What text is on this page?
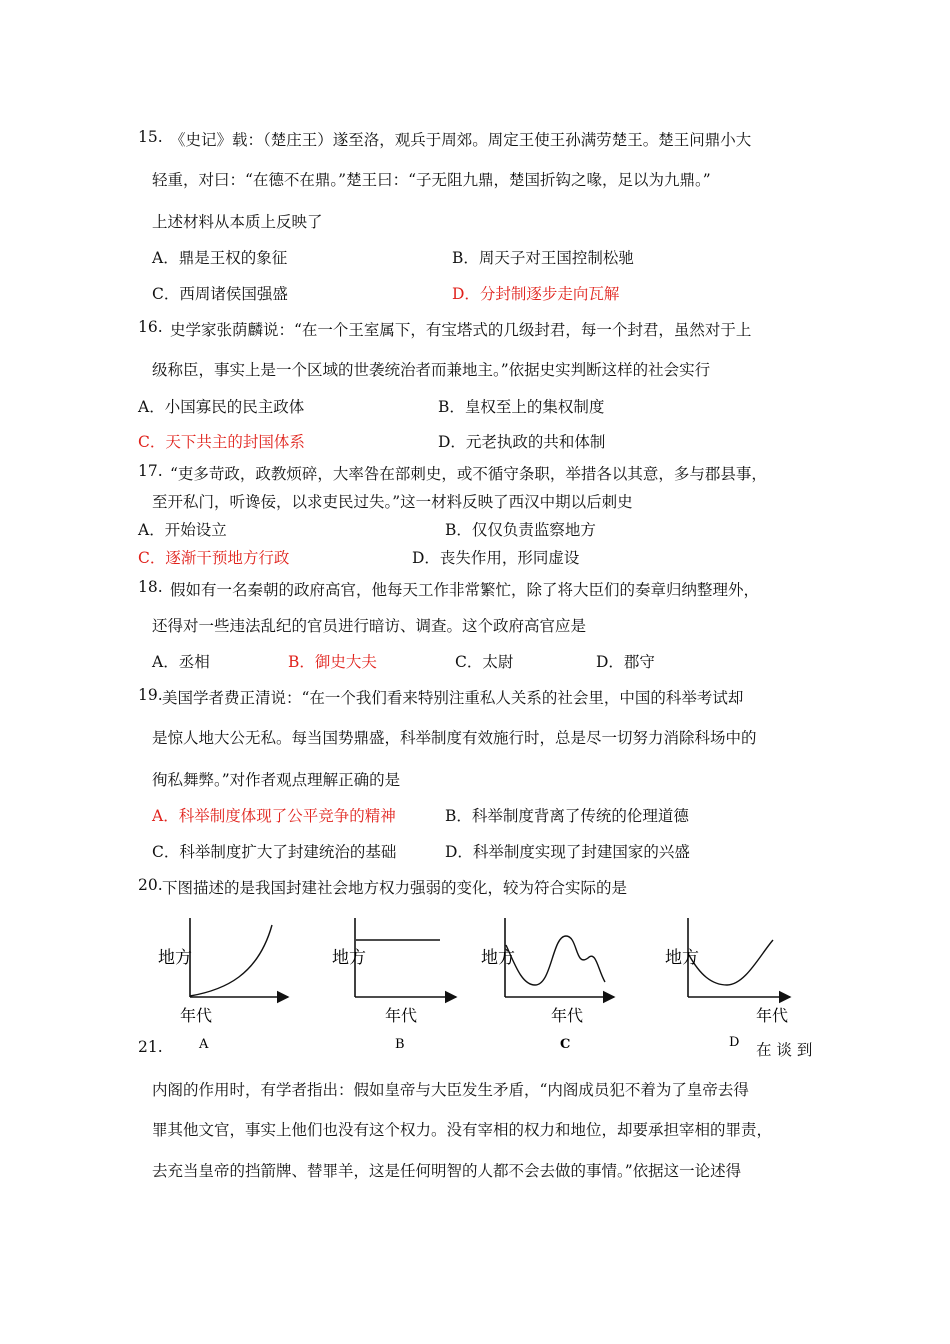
15. 《史记》载：（楚庄王）遂至洛，观兵于周郊。周定王使王孙满劳楚王。楚王问鼎小大
轻重，对曰：“在德不在鼎。”楚王曰：“子无阻九鼎，楚国折钩之喙，足以为九鼎。”
上述材料从本质上反映了
A．鼎是王权的象征	B．周天子对王国控制松驰
C．西周诸侯国强盛	D．分封制逐步走向瓦解
16. 史学家张荫麟说：“在一个王室属下，有宝塔式的几级封君，每一个封君，虽然对于上
级称臣，事实上是一个区域的世袭统治者而兼地主。”依据史实判断这样的社会实行
A．小国寡民的民主政体	B．皇权至上的集权制度
C．天下共主的封国体系	D．元老执政的共和体制
17. “吏多苛政，政教烦碎，大率咎在部刺史，或不循守条职，举措各以其意，多与郡县事，
至开私门，听谗佞，以求吏民过失。”这一材料反映了西汉中期以后刺史
A．开始设立	B．仅仅负责监察地方
C．逐渐干预地方行政	D．丧失作用，形同虚设
18. 假如有一名秦朝的政府高官，他每天工作非常繁忙，除了将大臣们的奏章归纳整理外，
还得对一些违法乱纪的官员进行暗访、调查。这个政府高官应是
A．丞相	B．御史大夫	C．太尉	D．郡守
19. 美国学者费正清说：“在一个我们看来特别注重私人关系的社会里，中国的科举考试却
是惊人地大公无私。每当国势鼎盛，科举制度有效施行时，总是尽一切努力消除科场中的
徇私舞弊。”对作者观点理解正确的是
A．科举制度体现了公平竞争的精神	B．科举制度背离了传统的伦理道德
C．科举制度扩大了封建统治的基础	D．科举制度实现了封建国家的兴盛
20. 下图描述的是我国封建社会地方权力强弱的变化，较为符合实际的是
地方
年代
A
地方
年代
B
地方
年代
C
地方
年代
D
21.	在 谈 到
内阁的作用时，有学者指出：假如皇帝与大臣发生矛盾，“内阁成员犯不着为了皇帝去得
罪其他文官，事实上他们也没有这个权力。没有宰相的权力和地位，却要承担宰相的罪责，
去充当皇帝的挡箭牌、替罪羊，这是任何明智的人都不会去做的事情。”依据这一论述得
